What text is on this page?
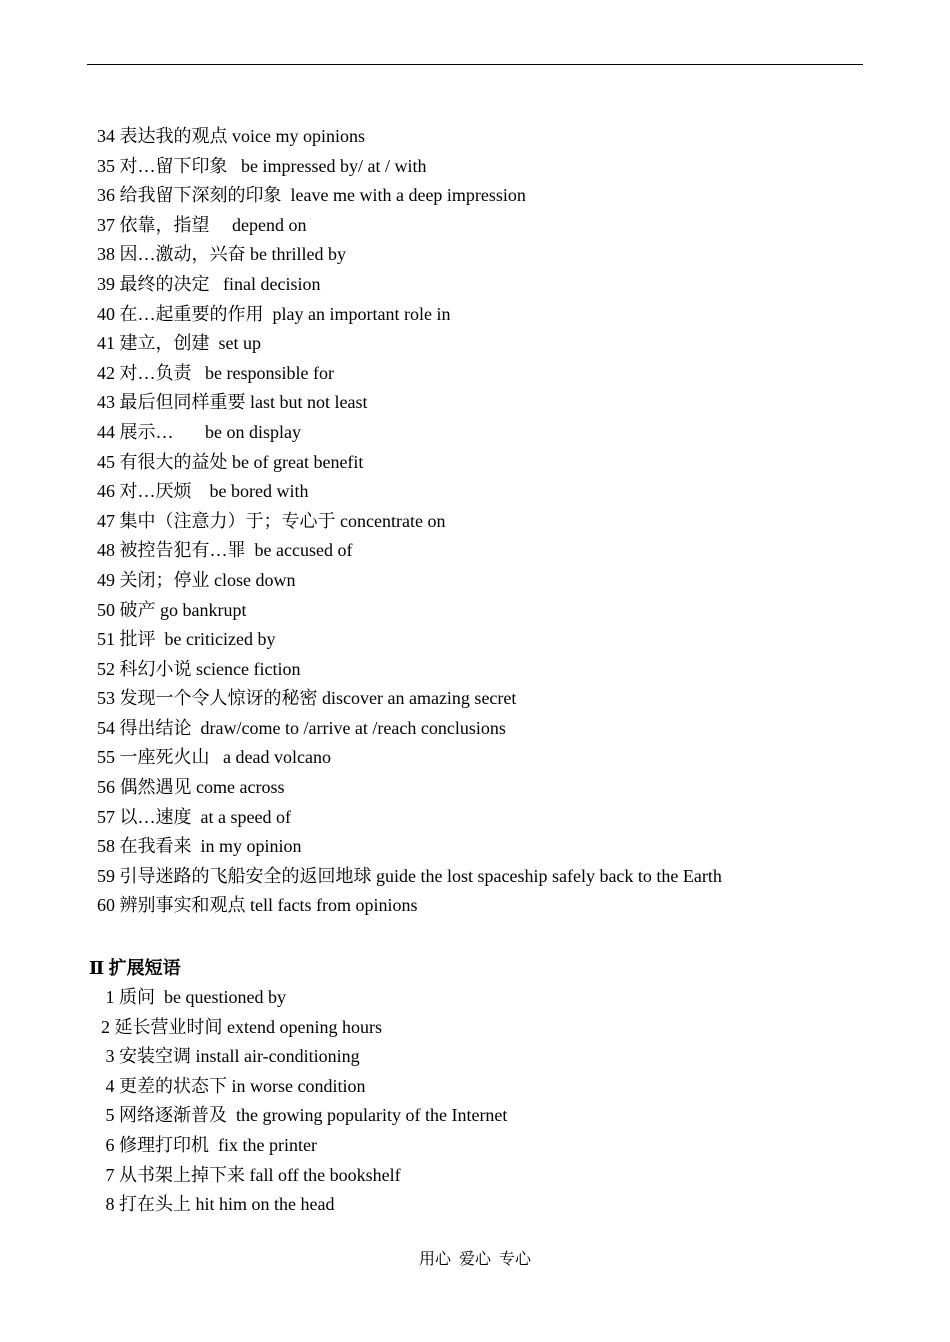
34 表达我的观点 voice my opinions
35 对…留下印象   be impressed by/ at / with
36 给我留下深刻的印象  leave me with a deep impression
37 依靠，指望     depend on
38 因…激动，兴奋 be thrilled by
39 最终的决定   final decision
40 在…起重要的作用  play an important role in
41 建立，创建  set up
42 对…负责   be responsible for
43 最后但同样重要 last but not least
44 展示…       be on display
45 有很大的益处 be of great benefit
46 对…厌烦    be bored with
47 集中（注意力）于；专心于 concentrate on
48 被控告犯有…罪  be accused of
49 关闭；停业 close down
50 破产 go bankrupt
51 批评  be criticized by
52 科幻小说 science fiction
53 发现一个令人惊讶的秘密 discover an amazing secret
54 得出结论  draw/come to /arrive at /reach conclusions
55 一座死火山   a dead volcano
56 偶然遇见 come across
57 以…速度  at a speed of
58 在我看来  in my opinion
59 引导迷路的飞船安全的返回地球 guide the lost spaceship safely back to the Earth
60 辨别事实和观点 tell facts from opinions
Ⅱ 扩展短语
1 质问  be questioned by
2 延长营业时间 extend opening hours
3 安装空调 install air-conditioning
4 更差的状态下 in worse condition
5 网络逐渐普及  the growing popularity of the Internet
6 修理打印机  fix the printer
7 从书架上掉下来 fall off the bookshelf
8 打在头上 hit him on the head
用心  爱心  专心
